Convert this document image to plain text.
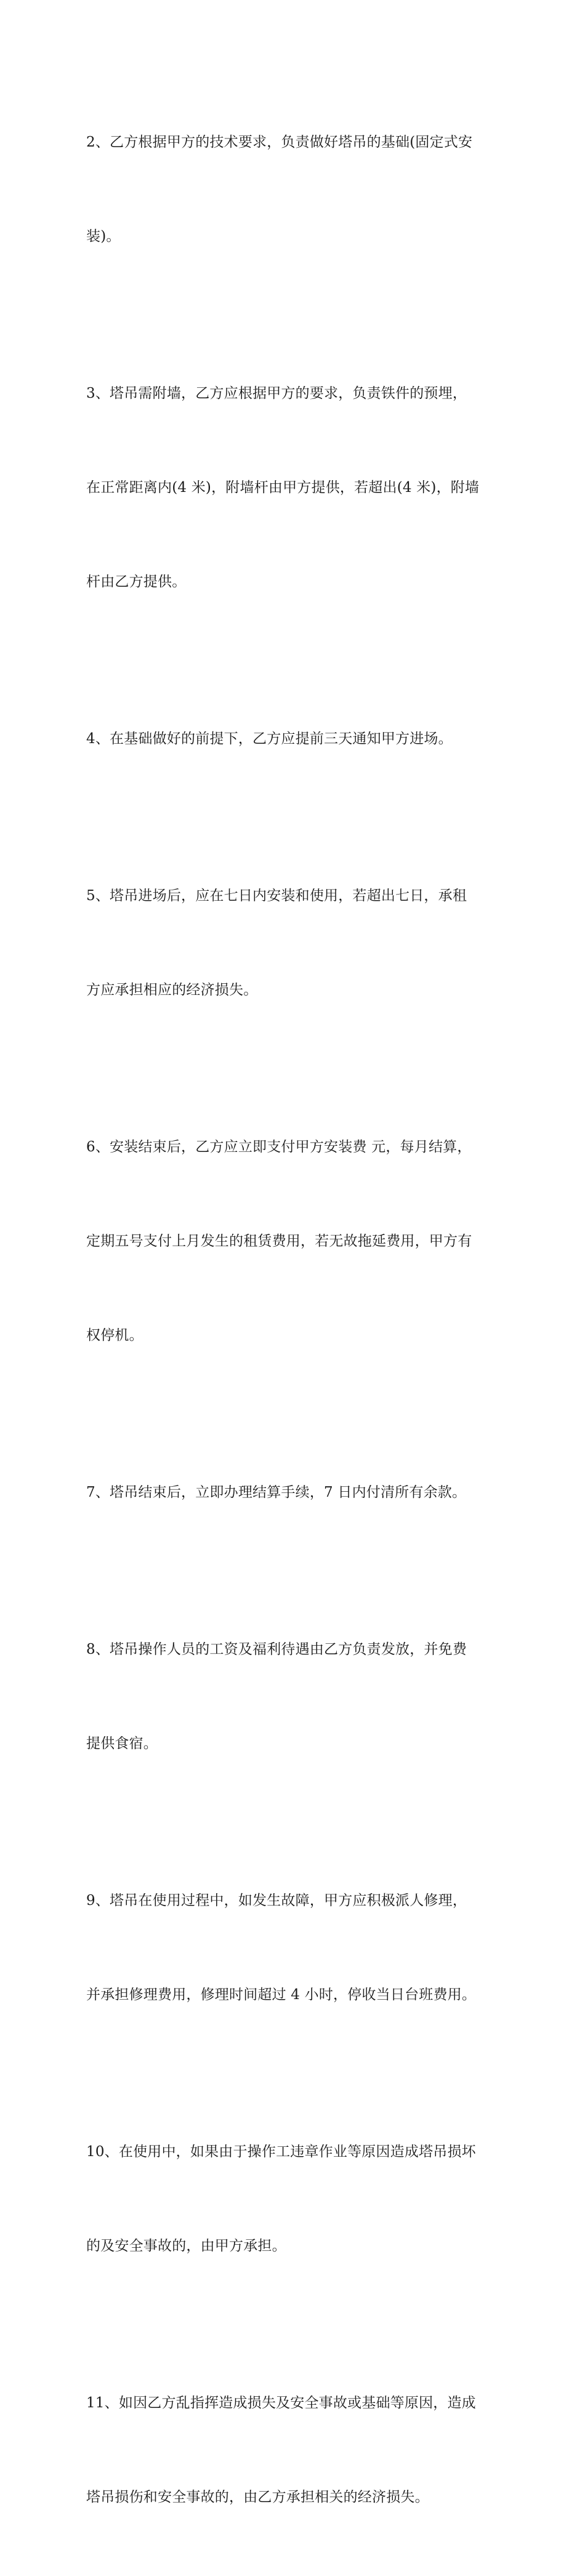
2、乙方根据甲方的技术要求，负责做好塔吊的基础(固定式安

装)。

3、塔吊需附墙，乙方应根据甲方的要求，负责铁件的预埋，

在正常距离内(4 米)，附墙杆由甲方提供，若超出(4 米)，附墙

杆由乙方提供。

4、在基础做好的前提下，乙方应提前三天通知甲方进场。

5、塔吊进场后，应在七日内安装和使用，若超出七日，承租

方应承担相应的经济损失。

6、安装结束后，乙方应立即支付甲方安装费 元，每月结算，

定期五号支付上月发生的租赁费用，若无故拖延费用，甲方有

权停机。

7、塔吊结束后，立即办理结算手续，7 日内付清所有余款。

8、塔吊操作人员的工资及福利待遇由乙方负责发放，并免费

提供食宿。

9、塔吊在使用过程中，如发生故障，甲方应积极派人修理，

并承担修理费用，修理时间超过 4 小时，停收当日台班费用。

10、在使用中，如果由于操作工违章作业等原因造成塔吊损坏

的及安全事故的，由甲方承担。

11、如因乙方乱指挥造成损失及安全事故或基础等原因，造成

塔吊损伤和安全事故的，由乙方承担相关的经济损失。
